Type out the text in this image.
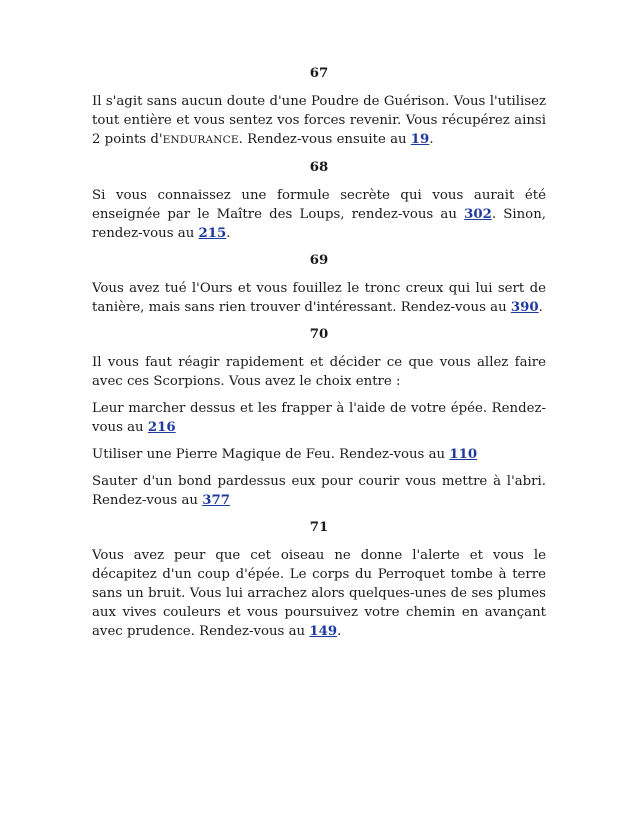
67

Il s'agit sans aucun doute d'une Poudre de Guérison. Vous l'utilisez tout entière et vous sentez vos forces revenir. Vous récupérez ainsi 2 points d'ENDURANCE. Rendez-vous ensuite au 19.

68

Si vous connaissez une formule secrète qui vous aurait été enseignée par le Maître des Loups, rendez-vous au 302. Sinon, rendez-vous au 215.

69

Vous avez tué l'Ours et vous fouillez le tronc creux qui lui sert de tanière, mais sans rien trouver d'intéressant. Rendez-vous au 390.

70

Il vous faut réagir rapidement et décider ce que vous allez faire avec ces Scorpions. Vous avez le choix entre :

Leur marcher dessus et les frapper à l'aide de votre épée. Rendez-vous au 216

Utiliser une Pierre Magique de Feu. Rendez-vous au 110

Sauter d'un bond pardessus eux pour courir vous mettre à l'abri. Rendez-vous au 377

71

Vous avez peur que cet oiseau ne donne l'alerte et vous le décapitez d'un coup d'épée. Le corps du Perroquet tombe à terre sans un bruit. Vous lui arrachez alors quelques-unes de ses plumes aux vives couleurs et vous poursuivez votre chemin en avançant avec prudence. Rendez-vous au 149.
